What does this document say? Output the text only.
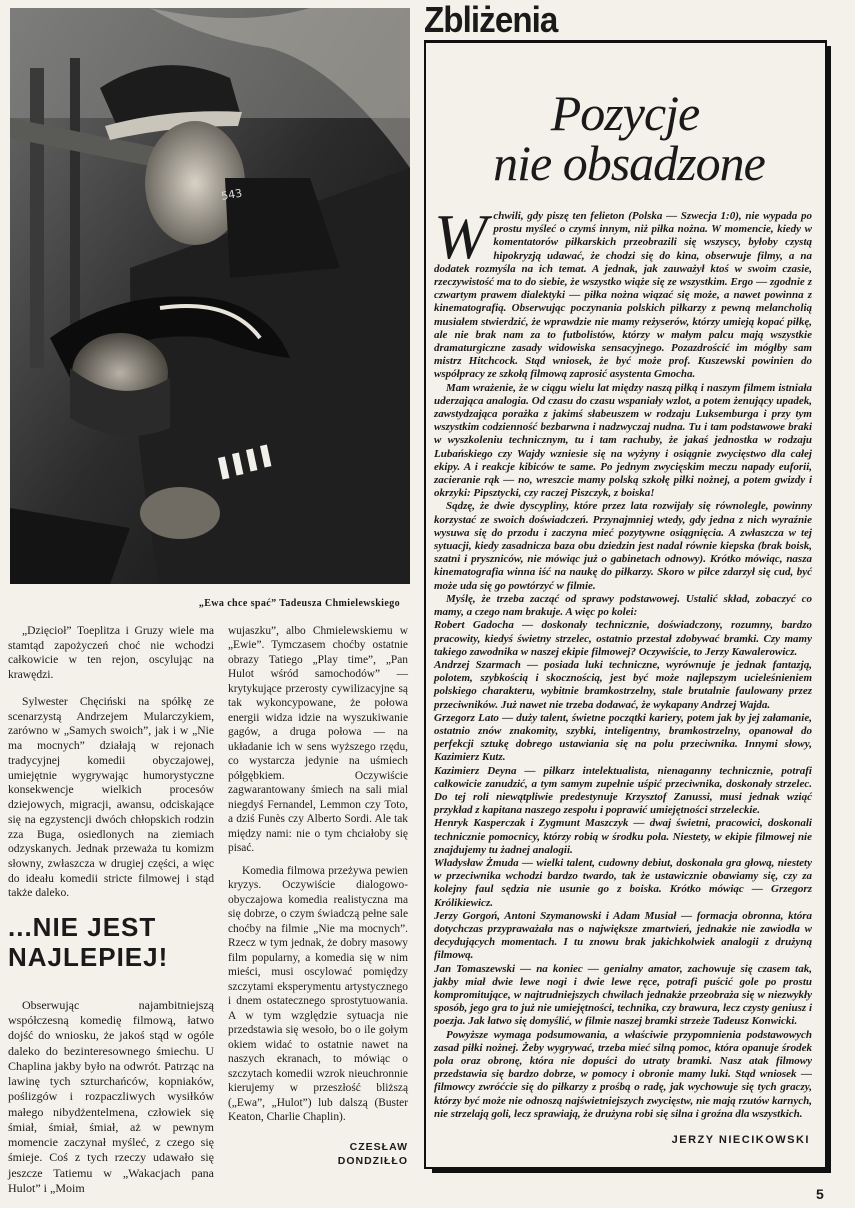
Zbliżenia
543
„Ewa chce spać” Tadeusza Chmielewskiego

„Dzięcioł” Toeplitza i Gruzy wiele ma stamtąd zapożyczeń choć nie wchodzi całkowicie w ten rejon, oscylując na krawędzi.

Sylwester Chęciński na spółkę ze scenarzystą Andrzejem Mularczykiem, zarówno w „Samych swoich”, jak i w „Nie ma mocnych” działają w rejonach tradycyjnej komedii obyczajowej, umiejętnie wygrywając humorystyczne konsekwencje wielkich procesów dziejowych, migracji, awansu, odciskające się na egzystencji dwóch chłopskich rodzin zza Buga, osiedlonych na ziemiach odzyskanych. Jednak przeważa tu komizm słowny, zwłaszcza w drugiej części, a więc do ideału komedii stricte filmowej i stąd także daleko.

...NIE JEST NAJLEPIEJ!

Obserwując najambitniejszą współczesną komedię filmową, łatwo dojść do wniosku, że jakoś stąd w ogóle daleko do bezinteresownego śmiechu. U Chaplina jakby było na odwrót. Patrząc na lawinę tych szturchańców, kopniaków, poślizgów i rozpaczliwych wysiłków małego nibydżentelmena, człowiek się śmiał, śmiał, śmiał, aż w pewnym momencie zaczynał myśleć, z czego się śmieje. Coś z tych rzeczy udawało się jeszcze Tatiemu w „Wakacjach pana Hulot” i „Moim

wujaszku”, albo Chmielewskiemu w „Ewie”. Tymczasem choćby ostatnie obrazy Tatiego „Play time”, „Pan Hulot wśród samochodów” — krytykujące przerosty cywilizacyjne są tak wykoncypowane, że połowa energii widza idzie na wyszukiwanie gagów, a druga połowa — na układanie ich w sens wyższego rzędu, co wystarcza jedynie na uśmiech półgębkiem. Oczywiście zagwarantowany śmiech na sali mial niegdyś Fernandel, Lemmon czy Toto, a dziś Funès czy Alberto Sordi. Ale tak między nami: nie o tym chciałoby się pisać.

Komedia filmowa przeżywa pewien kryzys. Oczywiście dialogowo-obyczajowa komedia realistyczna ma się dobrze, o czym świadczą pełne sale choćby na filmie „Nie ma mocnych”. Rzecz w tym jednak, że dobry masowy film popularny, a komedia się w nim mieści, musi oscylować pomiędzy szczytami eksperymentu artystycznego i dnem ostatecznego sprostytuowania. A w tym względzie sytuacja nie przedstawia się wesoło, bo o ile gołym okiem widać to ostatnie nawet na naszych ekranach, to mówiąc o szczytach komedii wzrok nieuchronnie kierujemy w przeszłość bliższą („Ewa”, „Hulot”) lub dalszą (Buster Keaton, Charlie Chaplin).

CZESŁAW DONDZIŁŁO
Pozycje
nie obsadzone

Wchwili, gdy piszę ten felieton (Polska — Szwecja 1:0), nie wypada po prostu myśleć o czymś innym, niż piłka nożna. W momencie, kiedy w komentatorów piłkarskich przeobrazili się wszyscy, byłoby czystą hipokryzją udawać, że chodzi się do kina, obserwuje filmy, a na dodatek rozmyśla na ich temat. A jednak, jak zauważył ktoś w swoim czasie, rzeczywistość ma to do siebie, że wszystko wiąże się ze wszystkim. Ergo — zgodnie z czwartym prawem dialektyki — piłka nożna wiązać się może, a nawet powinna z kinematografią. Obserwując poczynania polskich piłkarzy z pewną melancholią musiałem stwierdzić, że wprawdzie nie mamy reżyserów, którzy umieją kopać piłkę, ale nie brak nam za to futbolistów, którzy w małym palcu mają wszystkie dramaturgiczne zasady widowiska sensacyjnego. Pozazdrościć im mógłby sam mistrz Hitchcock. Stąd wniosek, że być może prof. Kuszewski powinien do współpracy ze szkołą filmową zaprosić asystenta Gmocha.

Mam wrażenie, że w ciągu wielu lat między naszą piłką i naszym filmem istniała uderzająca analogia. Od czasu do czasu wspaniały wzlot, a potem żenujący upadek, zawstydzająca porażka z jakimś słabeuszem w rodzaju Luksemburga i przy tym wszystkim codzienność bezbarwna i nadzwyczaj nudna. Tu i tam podstawowe braki w wyszkoleniu technicznym, tu i tam rachuby, że jakaś jednostka w rodzaju Lubańskiego czy Wajdy wzniesie się na wyżyny i osiągnie zwycięstwo dla całej ekipy. A i reakcje kibiców te same. Po jednym zwycięskim meczu napady euforii, zacieranie rąk — no, wreszcie mamy polską szkołę piłki nożnej, a potem gwizdy i okrzyki: Pipsztycki, czy raczej Piszczyk, z boiska!

Sądzę, że dwie dyscypliny, które przez lata rozwijały się równolegle, powinny korzystać ze swoich doświadczeń. Przynajmniej wtedy, gdy jedna z nich wyraźnie wysuwa się do przodu i zaczyna mieć pozytywne osiągnięcia. A zwłaszcza w tej sytuacji, kiedy zasadnicza baza obu dziedzin jest nadal równie kiepska (brak boisk, szatni i pryszniców, nie mówiąc już o gabinetach odnowy). Krótko mówiąc, nasza kinematografia winna iść na naukę do piłkarzy. Skoro w piłce zdarzył się cud, być może uda się go powtórzyć w filmie.

Myślę, że trzeba zacząć od sprawy podstawowej. Ustalić skład, zobaczyć co mamy, a czego nam brakuje. A więc po kolei:

Robert Gadocha — doskonały technicznie, doświadczony, rozumny, bardzo pracowity, kiedyś świetny strzelec, ostatnio przestał zdobywać bramki. Czy mamy takiego zawodnika w naszej ekipie filmowej? Oczywiście, to Jerzy Kawalerowicz.

Andrzej Szarmach — posiada luki techniczne, wyrównuje je jednak fantazją, polotem, szybkością i skocznością, jest być może najlepszym ucieleśnieniem polskiego charakteru, wybitnie bramkostrzelny, stale brutalnie faulowany przez przeciwników. Już nawet nie trzeba dodawać, że wykapany Andrzej Wajda.

Grzegorz Lato — duży talent, świetne początki kariery, potem jak by jej załamanie, ostatnio znów znakomity, szybki, inteligentny, bramkostrzelny, opanował do perfekcji sztukę dobrego ustawiania się na polu przeciwnika. Innymi słowy, Kazimierz Kutz.

Kazimierz Deyna — piłkarz intelektualista, nienaganny technicznie, potrafi całkowicie zanudzić, a tym samym zupełnie uśpić przeciwnika, doskonały strzelec. Do tej roli niewątpliwie predestynuje Krzysztof Zanussi, musi jednak wziąć przykład z kapitana naszego zespołu i poprawić umiejętności strzeleckie.

Henryk Kasperczak i Zygmunt Maszczyk — dwaj świetni, pracowici, doskonali technicznie pomocnicy, którzy robią w środku pola. Niestety, w ekipie filmowej nie znajdujemy tu żadnej analogii.

Władysław Żmuda — wielki talent, cudowny debiut, doskonała gra głową, niestety w przeciwnika wchodzi bardzo twardo, tak że ustawicznie obawiamy się, czy za kolejny faul sędzia nie usunie go z boiska. Krótko mówiąc — Grzegorz Królikiewicz.

Jerzy Gorgoń, Antoni Szymanowski i Adam Musiał — formacja obronna, która dotychczas przypraważała nas o największe zmartwień, jednakże nie zawiodła w decydujących momentach. I tu znowu brak jakichkolwiek analogii z drużyną filmową.

Jan Tomaszewski — na koniec — genialny amator, zachowuje się czasem tak, jakby miał dwie lewe nogi i dwie lewe ręce, potrafi puścić gole po prostu kompromitujące, w najtrudniejszych chwilach jednakże przeobraża się w niezwykły sposób, jego gra to już nie umiejętności, technika, czy brawura, lecz czysty geniusz i poezja. Jak łatwo się domyślić, w filmie naszej bramki strzeże Tadeusz Konwicki.

Powyższe wymaga podsumowania, a właściwie przypomnienia podstawowych zasad piłki nożnej. Żeby wygrywać, trzeba mieć silną pomoc, która opanuje środek pola oraz obronę, która nie dopuści do utraty bramki. Nasz atak filmowy przedstawia się bardzo dobrze, w pomocy i obronie mamy luki. Stąd wniosek — filmowcy zwróćcie się do piłkarzy z prośbą o radę, jak wychowuje się tych graczy, którzy być może nie odnoszą najświetniejszych zwycięstw, nie mają rzutów karnych, nie strzelają goli, lecz sprawiają, że drużyna robi się silna i groźna dla wszystkich.

JERZY NIECIKOWSKI
5
